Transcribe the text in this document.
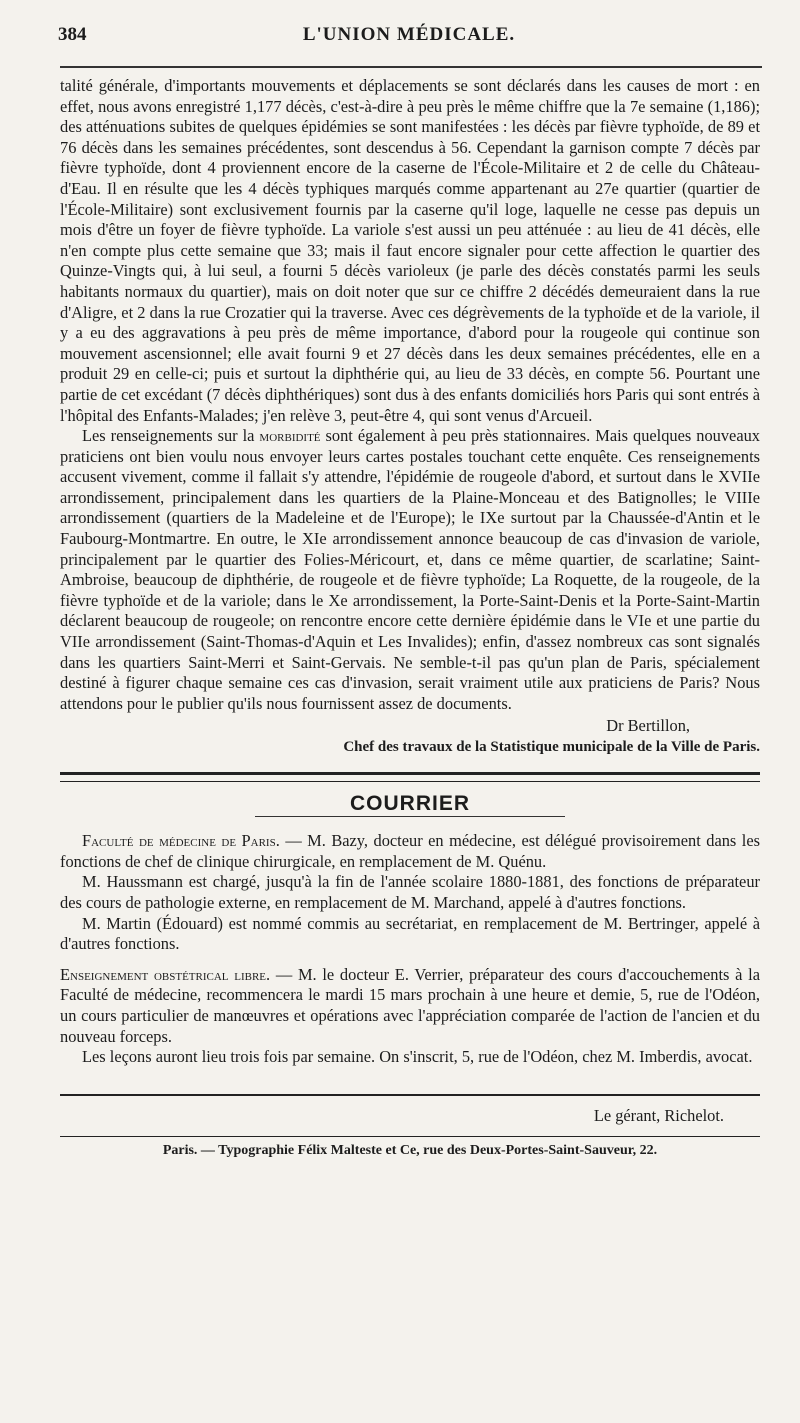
384	L'UNION MÉDICALE.

talité générale, d'importants mouvements et déplacements se sont déclarés dans les causes de mort : en effet, nous avons enregistré 1,177 décès, c'est-à-dire à peu près le même chiffre que la 7e semaine (1,186); des atténuations subites de quelques épidémies se sont manifestées : les décès par fièvre typhoïde, de 89 et 76 décès dans les semaines précédentes, sont descendus à 56. Cependant la garnison compte 7 décès par fièvre typhoïde, dont 4 proviennent encore de la caserne de l'École-Militaire et 2 de celle du Château-d'Eau. Il en résulte que les 4 décès typhiques marqués comme appartenant au 27e quartier (quartier de l'École-Militaire) sont exclusivement fournis par la caserne qu'il loge, laquelle ne cesse pas depuis un mois d'être un foyer de fièvre typhoïde. La variole s'est aussi un peu atténuée : au lieu de 41 décès, elle n'en compte plus cette semaine que 33; mais il faut encore signaler pour cette affection le quartier des Quinze-Vingts qui, à lui seul, a fourni 5 décès varioleux (je parle des décès constatés parmi les seuls habitants normaux du quartier), mais on doit noter que sur ce chiffre 2 décédés demeuraient dans la rue d'Aligre, et 2 dans la rue Crozatier qui la traverse. Avec ces dégrèvements de la typhoïde et de la variole, il y a eu des aggravations à peu près de même importance, d'abord pour la rougeole qui continue son mouvement ascensionnel; elle avait fourni 9 et 27 décès dans les deux semaines précédentes, elle en a produit 29 en celle-ci; puis et surtout la diphthérie qui, au lieu de 33 décès, en compte 56. Pourtant une partie de cet excédant (7 décès diphthériques) sont dus à des enfants domiciliés hors Paris qui sont entrés à l'hôpital des Enfants-Malades; j'en relève 3, peut-être 4, qui sont venus d'Arcueil.

Les renseignements sur la morbidité sont également à peu près stationnaires. Mais quelques nouveaux praticiens ont bien voulu nous envoyer leurs cartes postales touchant cette enquête. Ces renseignements accusent vivement, comme il fallait s'y attendre, l'épidémie de rougeole d'abord, et surtout dans le XVIIe arrondissement, principalement dans les quartiers de la Plaine-Monceau et des Batignolles; le VIIIe arrondissement (quartiers de la Madeleine et de l'Europe); le IXe surtout par la Chaussée-d'Antin et le Faubourg-Montmartre. En outre, le XIe arrondissement annonce beaucoup de cas d'invasion de variole, principalement par le quartier des Folies-Méricourt, et, dans ce même quartier, de scarlatine; Saint-Ambroise, beaucoup de diphthérie, de rougeole et de fièvre typhoïde; La Roquette, de la rougeole, de la fièvre typhoïde et de la variole; dans le Xe arrondissement, la Porte-Saint-Denis et la Porte-Saint-Martin déclarent beaucoup de rougeole; on rencontre encore cette dernière épidémie dans le VIe et une partie du VIIe arrondissement (Saint-Thomas-d'Aquin et Les Invalides); enfin, d'assez nombreux cas sont signalés dans les quartiers Saint-Merri et Saint-Gervais. Ne semble-t-il pas qu'un plan de Paris, spécialement destiné à figurer chaque semaine ces cas d'invasion, serait vraiment utile aux praticiens de Paris? Nous attendons pour le publier qu'ils nous fournissent assez de documents.

Dr Bertillon,
Chef des travaux de la Statistique municipale de la Ville de Paris.
COURRIER

Faculté de médecine de Paris. — M. Bazy, docteur en médecine, est délégué provisoirement dans les fonctions de chef de clinique chirurgicale, en remplacement de M. Quénu.

M. Haussmann est chargé, jusqu'à la fin de l'année scolaire 1880-1881, des fonctions de préparateur des cours de pathologie externe, en remplacement de M. Marchand, appelé à d'autres fonctions.

M. Martin (Édouard) est nommé commis au secrétariat, en remplacement de M. Bertringer, appelé à d'autres fonctions.

Enseignement obstétrical libre. — M. le docteur E. Verrier, préparateur des cours d'accouchements à la Faculté de médecine, recommencera le mardi 15 mars prochain à une heure et demie, 5, rue de l'Odéon, un cours particulier de manœuvres et opérations avec l'appréciation comparée de l'action de l'ancien et du nouveau forceps.

Les leçons auront lieu trois fois par semaine. On s'inscrit, 5, rue de l'Odéon, chez M. Imberdis, avocat.

Le gérant, Richelot.
Paris. — Typographie Félix Malteste et Ce, rue des Deux-Portes-Saint-Sauveur, 22.
